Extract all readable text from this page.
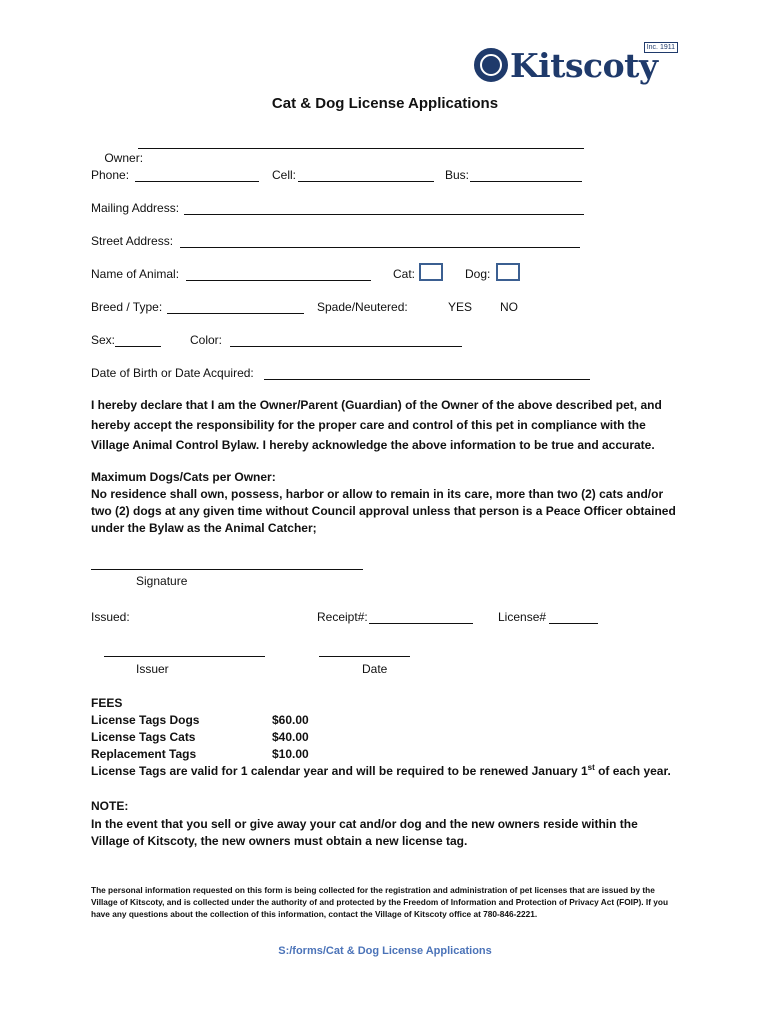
Kitscoty
Inc. 1911
Cat & Dog License Applications

Owner:

Phone:	Cell:	Bus:
Mailing Address:
Street Address:
Name of Animal:	Cat:	Dog:
Breed / Type:	Spade/Neutered:	YES NO
Sex:	Color:
Date of Birth or Date Acquired:
I hereby declare that I am the Owner/Parent (Guardian) of the Owner of the above described pet, and hereby accept the responsibility for the proper care and control of this pet in compliance with the Village Animal Control Bylaw. I hereby acknowledge the above information to be true and accurate.
Maximum Dogs/Cats per Owner:
No residence shall own, possess, harbor or allow to remain in its care, more than two (2) cats and/or two (2) dogs at any given time without Council approval unless that person is a Peace Officer obtained under the Bylaw as the Animal Catcher;
Signature
Issued:	Receipt#:	License#
Issuer	Date
FEES
License Tags Dogs	$60.00
License Tags Cats	$40.00
Replacement Tags	$10.00
License Tags are valid for 1 calendar year and will be required to be renewed January 1st of each year.
NOTE:
In the event that you sell or give away your cat and/or dog and the new owners reside within the Village of Kitscoty, the new owners must obtain a new license tag.
The personal information requested on this form is being collected for the registration and administration of pet licenses that are issued by the Village of Kitscoty, and is collected under the authority of and protected by the Freedom of Information and Protection of Privacy Act (FOIP). If you have any questions about the collection of this information, contact the Village of Kitscoty office at 780-846-2221.
S:/forms/Cat & Dog License Applications
